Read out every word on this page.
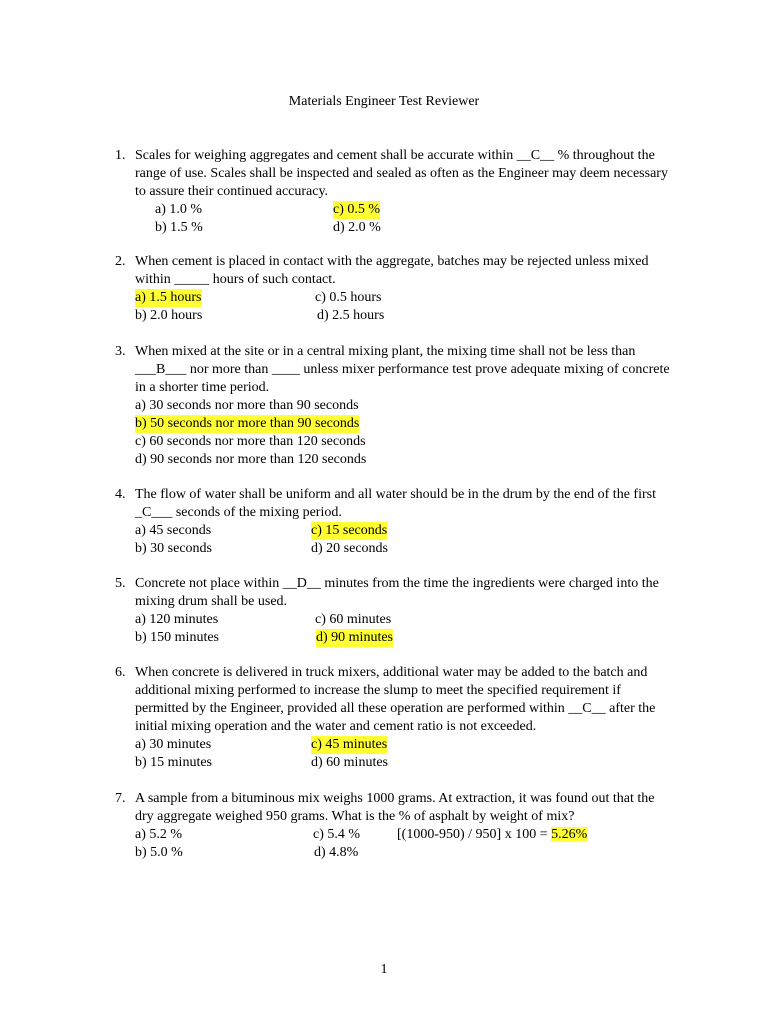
Materials Engineer Test Reviewer
1. Scales for weighing aggregates and cement shall be accurate within __C__ % throughout the
range of use. Scales shall be inspected and sealed as often as the Engineer may deem necessary
to assure their continued accuracy.
a) 1.0 %	c) 0.5 %
b) 1.5 %	d) 2.0 %
2. When cement is placed in contact with the aggregate, batches may be rejected unless mixed
within _____ hours of such contact.
a) 1.5 hours	c) 0.5 hours
b) 2.0 hours	d) 2.5 hours
3. When mixed at the site or in a central mixing plant, the mixing time shall not be less than
___B___ nor more than ____ unless mixer performance test prove adequate mixing of concrete
in a shorter time period.
a) 30 seconds nor more than 90 seconds
b) 50 seconds nor more than 90 seconds
c) 60 seconds nor more than 120 seconds
d) 90 seconds nor more than 120 seconds
4. The flow of water shall be uniform and all water should be in the drum by the end of the first
_C___ seconds of the mixing period.
a) 45 seconds	c) 15 seconds
b) 30 seconds	d) 20 seconds
5. Concrete not place within __D__ minutes from the time the ingredients were charged into the
mixing drum shall be used.
a) 120 minutes	c) 60 minutes
b) 150 minutes	d) 90 minutes
6. When concrete is delivered in truck mixers, additional water may be added to the batch and
additional mixing performed to increase the slump to meet the specified requirement if
permitted by the Engineer, provided all these operation are performed within __C__ after the
initial mixing operation and the water and cement ratio is not exceeded.
a) 30 minutes	c) 45 minutes
b) 15 minutes	d) 60 minutes
7. A sample from a bituminous mix weighs 1000 grams. At extraction, it was found out that the
dry aggregate weighed 950 grams. What is the % of asphalt by weight of mix?
a) 5.2 %	c) 5.4 %	[(1000-950) / 950] x 100 = 5.26%
b) 5.0 %	d) 4.8%
1
